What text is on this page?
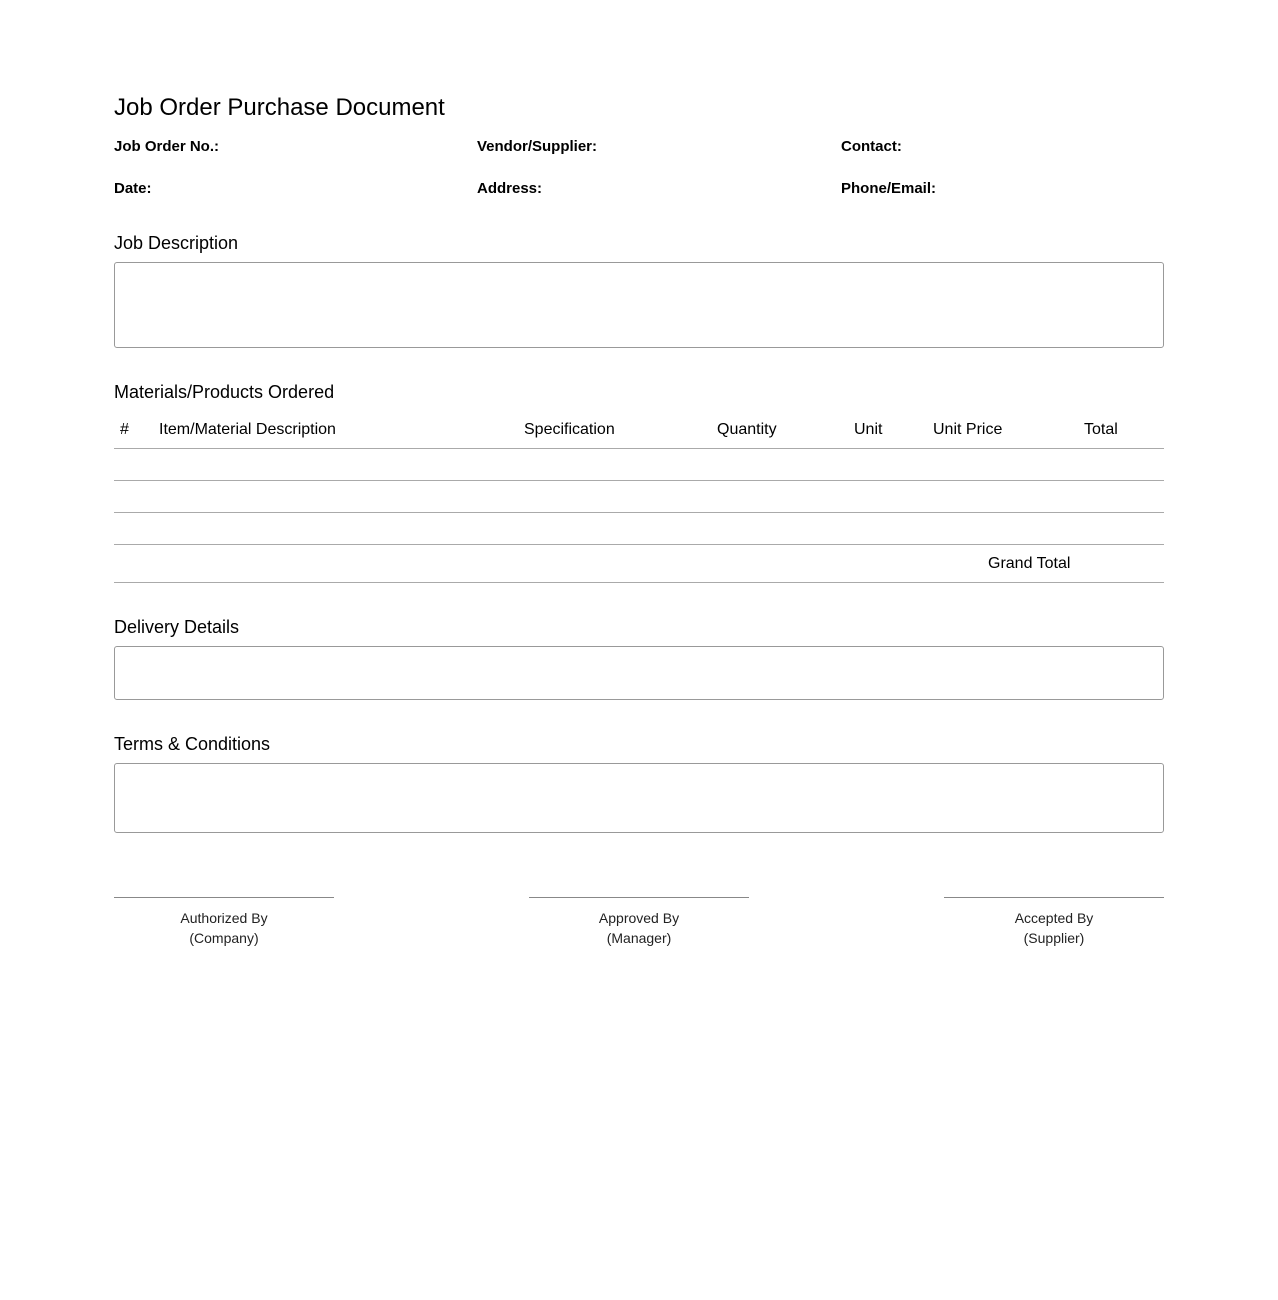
Job Order Purchase Document
Job Order No.:	Vendor/Supplier:	Contact:
Date:	Address:	Phone/Email:
Job Description
Materials/Products Ordered
# Item/Material Description	Specification	Quantity	Unit	Unit Price	Total
Grand Total
Delivery Details
Terms & Conditions
Authorized By
(Company)
Approved By
(Manager)
Accepted By
(Supplier)
